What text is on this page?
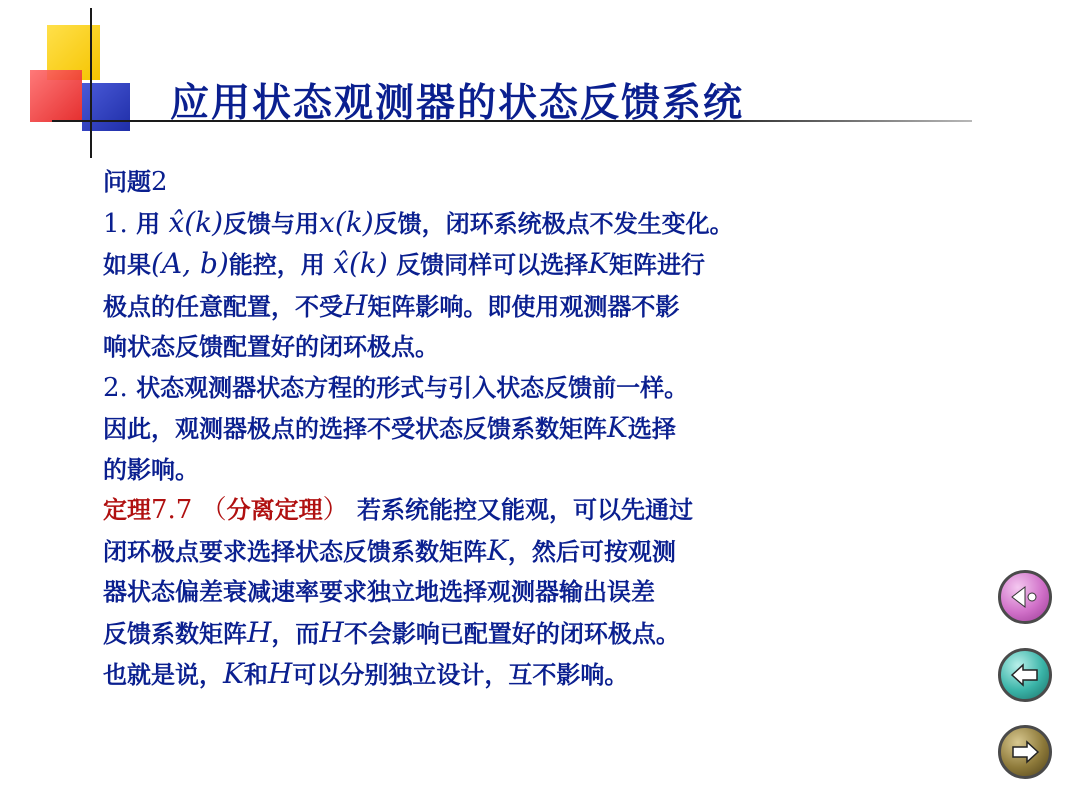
应用状态观测器的状态反馈系统
问题2
1. 用 x̂(k)反馈与用x(k)反馈，闭环系统极点不发生变化。
如果(A, b)能控，用 x̂(k) 反馈同样可以选择K矩阵进行
极点的任意配置，不受H矩阵影响。即使用观测器不影
响状态反馈配置好的闭环极点。
2. 状态观测器状态方程的形式与引入状态反馈前一样。
因此，观测器极点的选择不受状态反馈系数矩阵K选择
的影响。
定理7.7 （分离定理） 若系统能控又能观，可以先通过
闭环极点要求选择状态反馈系数矩阵K，然后可按观测
器状态偏差衰减速率要求独立地选择观测器输出误差
反馈系数矩阵H，而H不会影响已配置好的闭环极点。
也就是说，K和H可以分别独立设计，互不影响。
